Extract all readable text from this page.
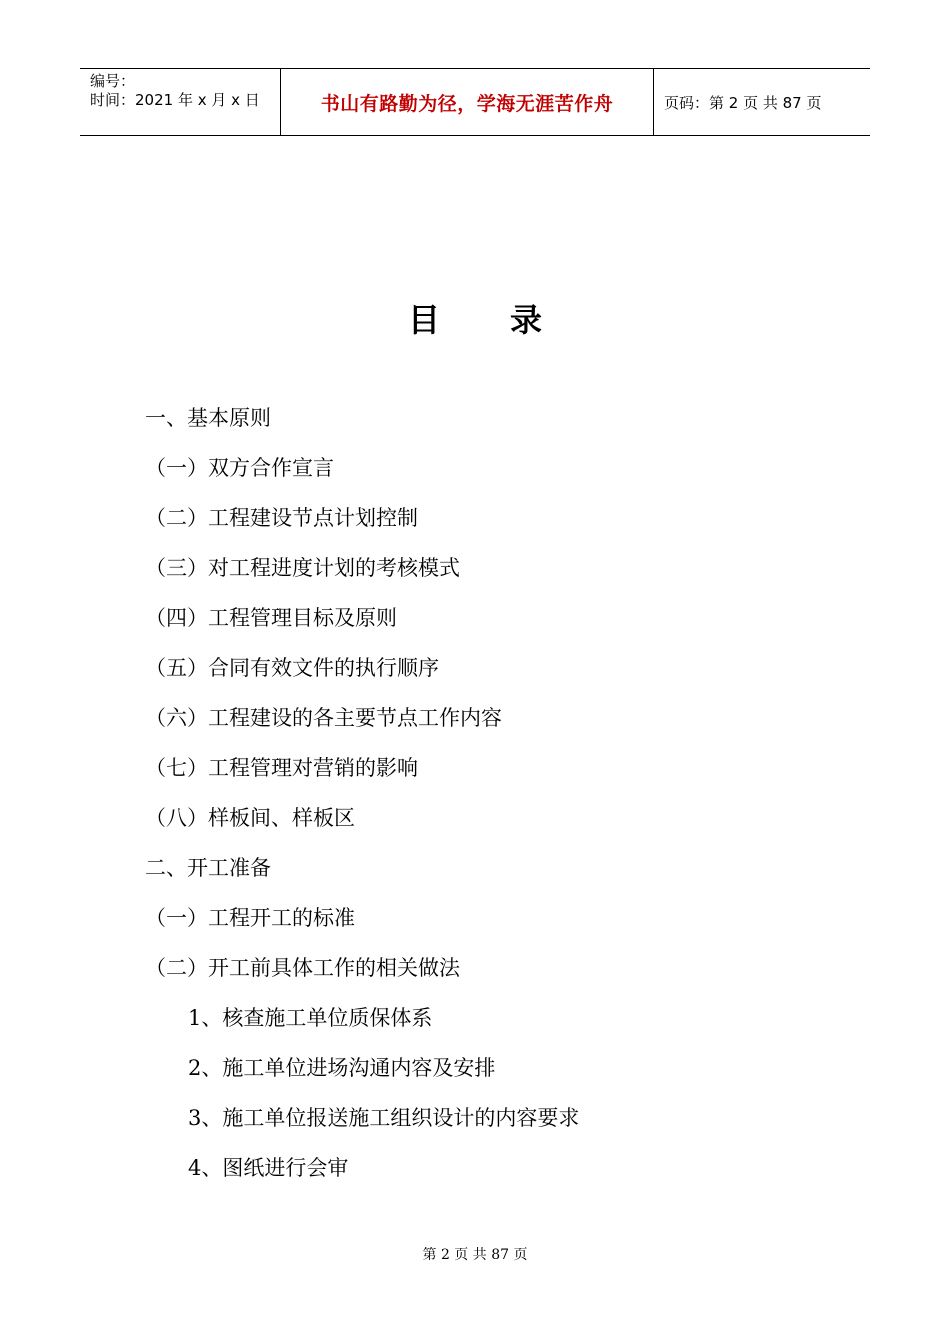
编号：
时间：2021 年 x 月 x 日	书山有路勤为径，学海无涯苦作舟	页码：第 2 页 共 87 页
目 录
一、基本原则
（一）双方合作宣言
（二）工程建设节点计划控制
（三）对工程进度计划的考核模式
（四）工程管理目标及原则
（五）合同有效文件的执行顺序
（六）工程建设的各主要节点工作内容
（七）工程管理对营销的影响
（八）样板间、样板区
二、开工准备
（一）工程开工的标准
（二）开工前具体工作的相关做法
1、核查施工单位质保体系
2、施工单位进场沟通内容及安排
3、施工单位报送施工组织设计的内容要求
4、图纸进行会审
第 2 页 共 87 页
